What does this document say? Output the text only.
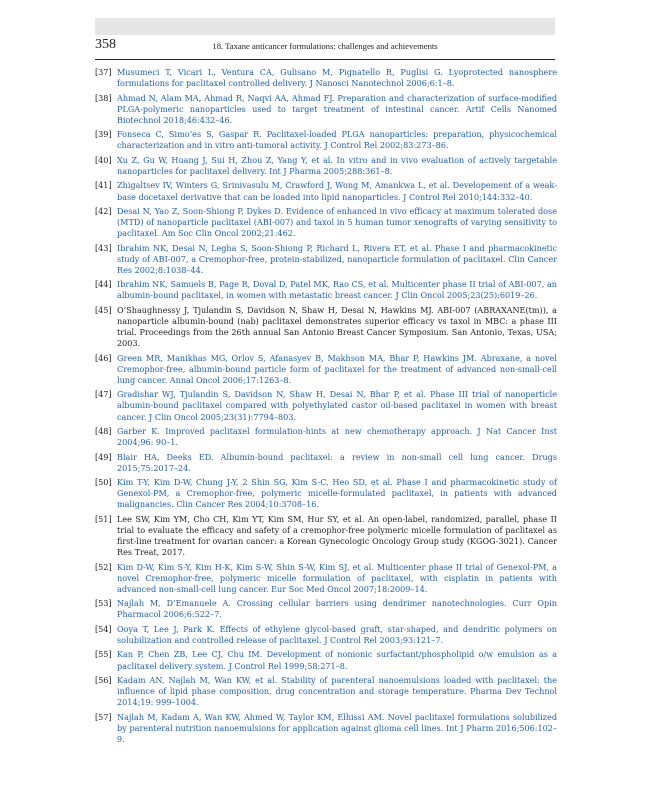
358	18. Taxane anticancer formulations: challenges and achievements
[37] Musumeci T, Vicari L, Ventura CA, Gulisano M, Pignatello R, Puglisi G. Lyoprotected nanosphere formulations for paclitaxel controlled delivery. J Nanosci Nanotechnol 2006;6:1–8.

[38] Ahmad N, Alam MA, Ahmad R, Naqvi AA, Ahmad FJ. Preparation and characterization of surface-modified PLGA-polymeric nanoparticles used to target treatment of intestinal cancer. Artif Cells Nanomed Biotechnol 2018;46:432–46.

[39] Fonseca C, Simo’es S, Gaspar R. Paclitaxel-loaded PLGA nanoparticles: preparation, physicochemical characterization and in vitro anti-tumoral activity. J Control Rel 2002;83:273–86.

[40] Xu Z, Gu W, Huang J, Sui H, Zhou Z, Yang Y, et al. In vitro and in vivo evaluation of actively targetable nanoparticles for paclitaxel delivery. Int J Pharma 2005;288:361–8.

[41] Zhigaltsev IV, Winters G, Srinivasulu M, Crawford J, Wong M, Amankwa L, et al. Developement of a weak-base docetaxel derivative that can be loaded into lipid nanoparticles. J Control Rel 2010;144:332–40.

[42] Desai N, Yao Z, Soon-Shiong P, Dykes D. Evidence of enhanced in vivo efficacy at maximum tolerated dose (MTD) of nanoparticle paclitaxel (ABI-007) and taxol in 5 human tumor xenografts of varying sensitivity to paclitaxel. Am Soc Clin Oncol 2002;21:462.

[43] Ibrahim NK, Desai N, Legha S, Soon-Shiong P, Richard L, Rivera ET, et al. Phase I and pharmacokinetic study of ABI-007, a Cremophor-free, protein-stabilized, nanoparticle formulation of paclitaxel. Clin Cancer Res 2002;8:1038–44.

[44] Ibrahim NK, Samuels B, Page R, Doval D, Patel MK, Rao CS, et al. Multicenter phase II trial of ABI-007, an albumin-bound paclitaxel, in women with metastatic breast cancer. J Clin Oncol 2005;23(25):6019–26.

[45] O’Shaughnessy J, Tjulandin S, Davidson N, Shaw H, Desai N, Hawkins MJ. ABI-007 (ABRAXANE(tm)), a nanoparticle albumin-bound (nab) paclitaxel demonstrates superior efficacy vs taxol in MBC: a phase III trial. Proceedings from the 26th annual San Antonio Breast Cancer Symposium. San Antonio, Texas, USA; 2003.

[46] Green MR, Manikhas MG, Orlov S, Afanasyev B, Makhson MA, Bhar P, Hawkins JM. Abraxane, a novel Cremophor-free, albumin-bound particle form of paclitaxel for the treatment of advanced non-small-cell lung cancer. Annal Oncol 2006;17:1263–8.

[47] Gradishar WJ, Tjulandin S, Davidson N, Shaw H, Desai N, Bhar P, et al. Phase III trial of nanoparticle albumin-bound paclitaxel compared with polyethylated castor oil-based paclitaxel in women with breast cancer. J Clin Oncol 2005;23(31):7794–803.

[48] Garber K. Improved paclitaxel formulation-hints at new chemotherapy approach. J Nat Cancer Inst 2004;96: 90–1.

[49] Blair HA, Deeks ED. Albumin-bound paclitaxel: a review in non-small cell lung cancer. Drugs 2015;75:2017–24.

[50] Kim T-Y, Kim D-W, Chung J-Y, 2 Shin SG, Kim S-C, Heo SD, et al. Phase I and pharmacokinetic study of Genexol-PM, a Cremophor-free, polymeric micelle-formulated paclitaxel, in patients with advanced malignancies. Clin Cancer Res 2004;10:3708–16.

[51] Lee SW, Kim YM, Cho CH, Kim YT, Kim SM, Hur SY, et al. An open-label, randomized, parallel, phase II trial to evaluate the efficacy and safety of a cremophor-free polymeric micelle formulation of paclitaxel as first-line treatment for ovarian cancer: a Korean Gynecologic Oncology Group study (KGOG-3021). Cancer Res Treat, 2017.

[52] Kim D-W, Kim S-Y, Kim H-K, Kim S-W, Shin S-W, Kim SJ, et al. Multicenter phase II trial of Genexol-PM, a novel Cremophor-free, polymeric micelle formulation of paclitaxel, with cisplatin in patients with advanced non-small-cell lung cancer. Eur Soc Med Oncol 2007;18:2009–14.

[53] Najlah M, D’Emanuele A. Crossing cellular barriers using dendrimer nanotechnologies. Curr Opin Pharmacol 2006;6:522–7.

[54] Ooya T, Lee J, Park K. Effects of ethylene glycol-based graft, star-shaped, and dendritic polymers on solubilization and controlled release of paclitaxel. J Control Rel 2003;93:121–7.

[55] Kan P, Chen ZB, Lee CJ, Chu IM. Development of nonionic surfactant/phospholipid o/w emulsion as a paclitaxel delivery system. J Control Rel 1999;58:271–8.

[56] Kadam AN, Najlah M, Wan KW, et al. Stability of parenteral nanoemulsions loaded with paclitaxel: the influence of lipid phase composition, drug concentration and storage temperature. Pharma Dev Technol 2014;19: 999–1004.

[57] Najlah M, Kadam A, Wan KW, Ahmed W, Taylor KM, Elhissi AM. Novel paclitaxel formulations solubilized by parenteral nutrition nanoemulsions for application against glioma cell lines. Int J Pharm 2016;506:102–9.
